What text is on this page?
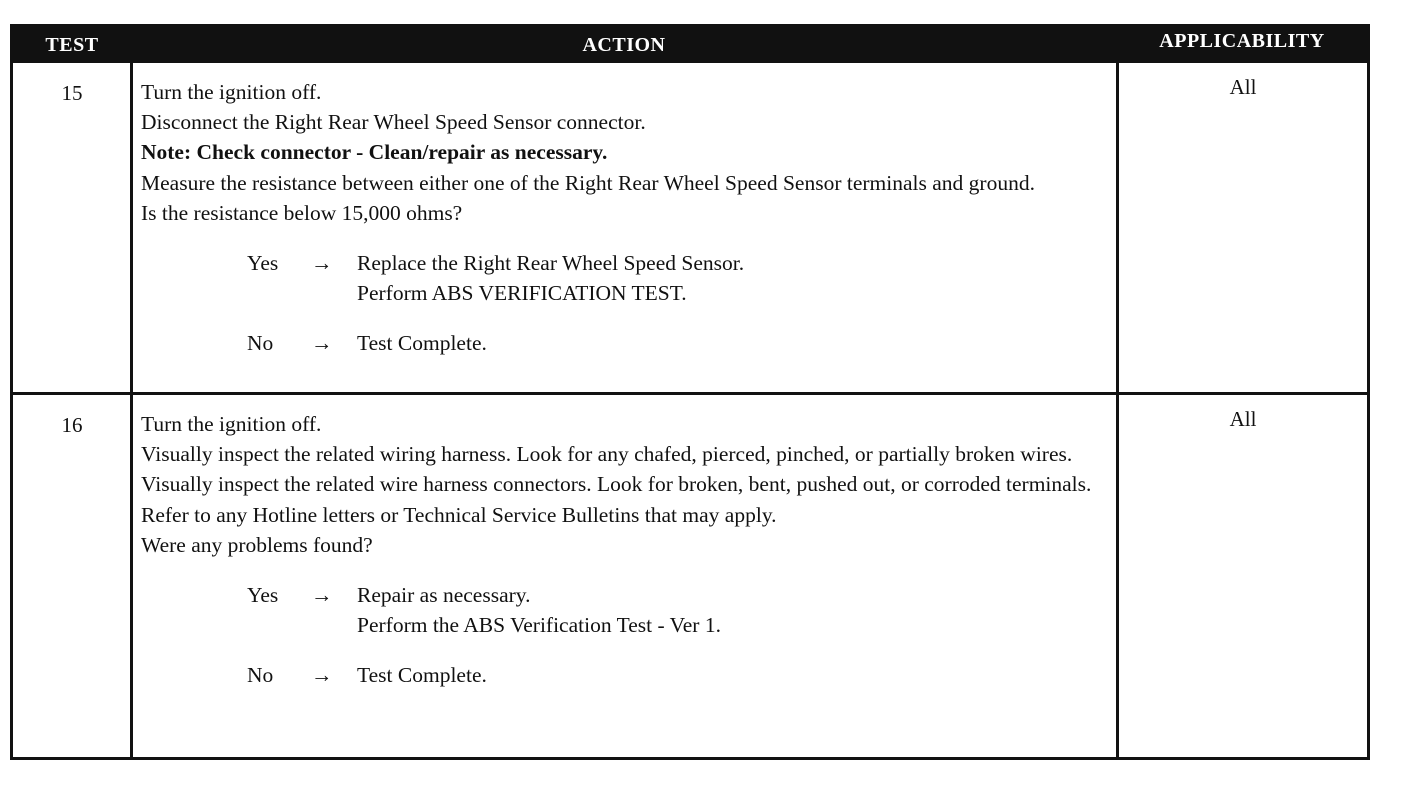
TEST	ACTION	APPLICABILITY
15	Turn the ignition off.
Disconnect the Right Rear Wheel Speed Sensor connector.
Note: Check connector - Clean/repair as necessary.
Measure the resistance between either one of the Right Rear Wheel Speed Sensor terminals and ground.
Is the resistance below 15,000 ohms?
Yes	→	Replace the Right Rear Wheel Speed Sensor.
Perform ABS VERIFICATION TEST.
No	→	Test Complete.
All
16	Turn the ignition off.
Visually inspect the related wiring harness. Look for any chafed, pierced, pinched, or partially broken wires.
Visually inspect the related wire harness connectors. Look for broken, bent, pushed out, or corroded terminals.
Refer to any Hotline letters or Technical Service Bulletins that may apply.
Were any problems found?
Yes	→	Repair as necessary.
Perform the ABS Verification Test - Ver 1.
No	→	Test Complete.
All
